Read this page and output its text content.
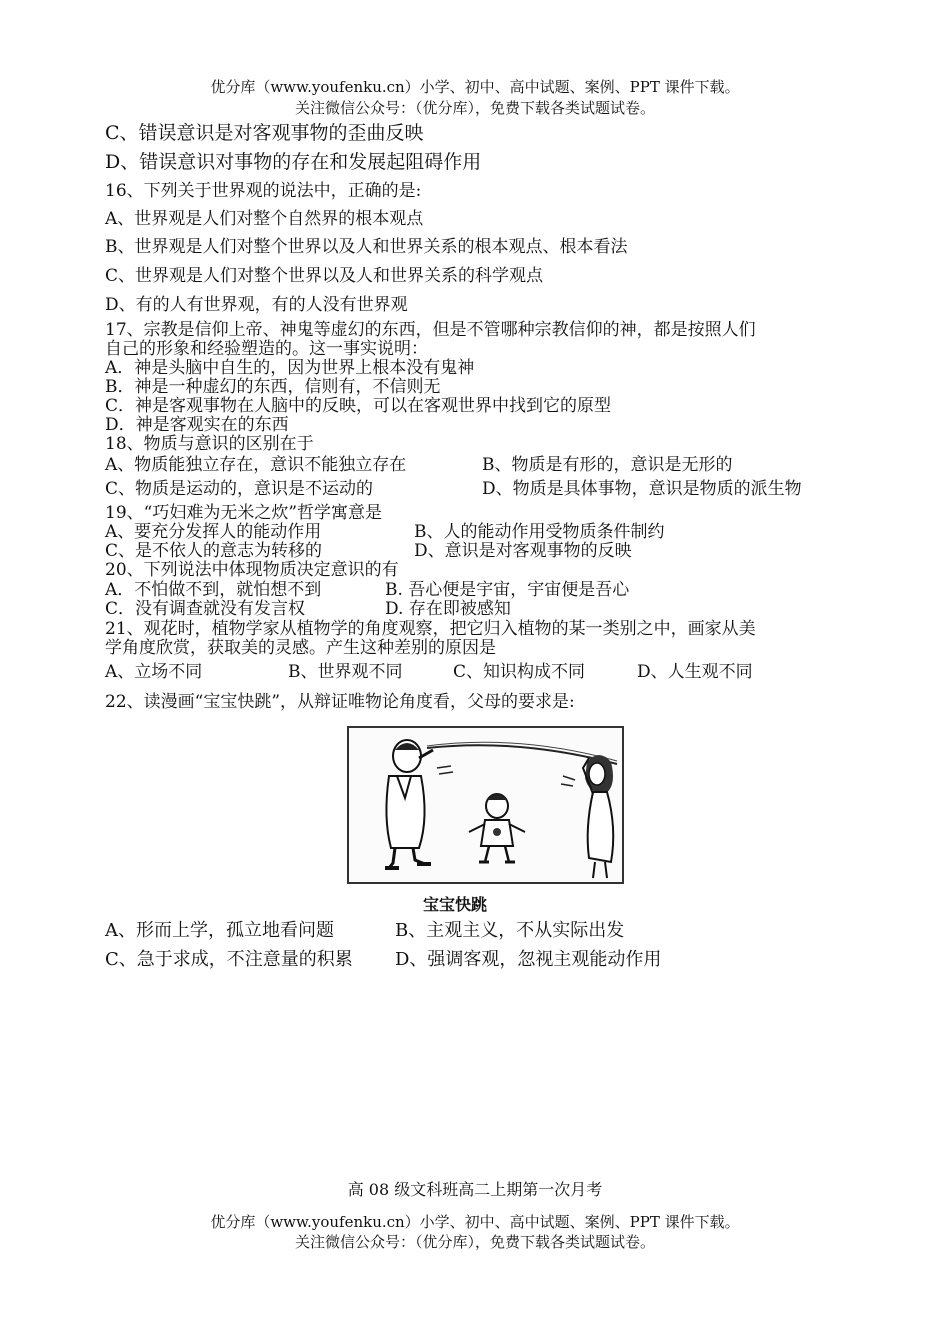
优分库（www.youfenku.cn）小学、初中、高中试题、案例、PPT 课件下载。
关注微信公众号：（优分库），免费下载各类试题试卷。
C、错误意识是对客观事物的歪曲反映
D、错误意识对事物的存在和发展起阻碍作用
16、下列关于世界观的说法中，正确的是:
A、世界观是人们对整个自然界的根本观点
B、世界观是人们对整个世界以及人和世界关系的根本观点、根本看法
C、世界观是人们对整个世界以及人和世界关系的科学观点
D、有的人有世界观，有的人没有世界观
17、宗教是信仰上帝、神鬼等虚幻的东西，但是不管哪种宗教信仰的神，都是按照人们
自己的形象和经验塑造的。这一事实说明：
A．神是头脑中自生的，因为世界上根本没有鬼神
B．神是一种虚幻的东西，信则有，不信则无
C．神是客观事物在人脑中的反映，可以在客观世界中找到它的原型
D．神是客观实在的东西
18、物质与意识的区别在于
A、物质能独立存在，意识不能独立存在	B、物质是有形的，意识是无形的
C、物质是运动的，意识是不运动的	D、物质是具体事物，意识是物质的派生物
19、“巧妇难为无米之炊”哲学寓意是
A、要充分发挥人的能动作用	B、人的能动作用受物质条件制约
C、是不依人的意志为转移的	D、意识是对客观事物的反映
20、下列说法中体现物质决定意识的有
A．不怕做不到，就怕想不到	B. 吾心便是宇宙，宇宙便是吾心
C．没有调查就没有发言权	D. 存在即被感知
21、观花时，植物学家从植物学的角度观察，把它归入植物的某一类别之中，画家从美
学角度欣赏，获取美的灵感。产生这种差别的原因是
A、立场不同	B、世界观不同	C、知识构成不同	D、人生观不同
22、读漫画“宝宝快跳”，从辩证唯物论角度看，父母的要求是:
宝宝快跳
A、形而上学，孤立地看问题	B、主观主义，不从实际出发
C、急于求成，不注意量的积累 D、强调客观，忽视主观能动作用
高 08 级文科班高二上期第一次月考
优分库（www.youfenku.cn）小学、初中、高中试题、案例、PPT 课件下载。
关注微信公众号：（优分库），免费下载各类试题试卷。
